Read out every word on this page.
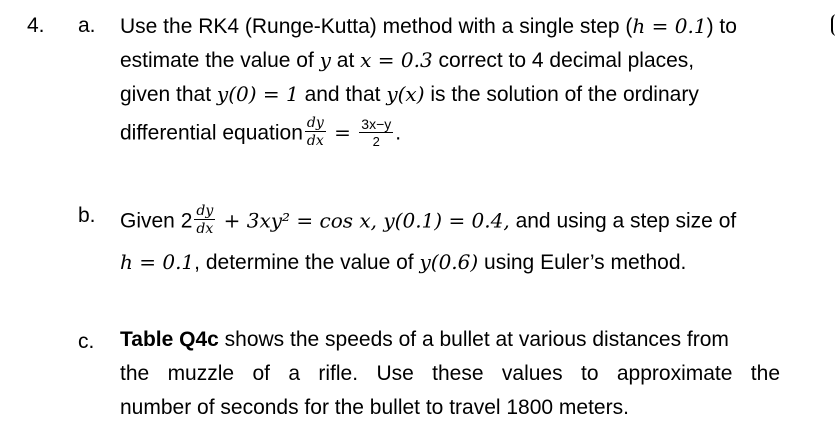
4. a. Use the RK4 (Runge-Kutta) method with a single step (h = 0.1) to
estimate the value of y at x = 0.3 correct to 4 decimal places,
given that y(0) = 1 and that y(x) is the solution of the ordinary
differential equation $\frac{dy}{dx} = \frac{3x-y}{2}$ .
b. Given $2 \frac{dy}{dx} + 3xy^2 = \cos x$, y(0.1) = 0.4, and using a step size of
h = 0.1, determine the value of y(0.6) using Euler’s method.
c. Table Q4c shows the speeds of a bullet at various distances from
the muzzle of a rifle. Use these values to approximate the
number of seconds for the bullet to travel 1800 meters.
